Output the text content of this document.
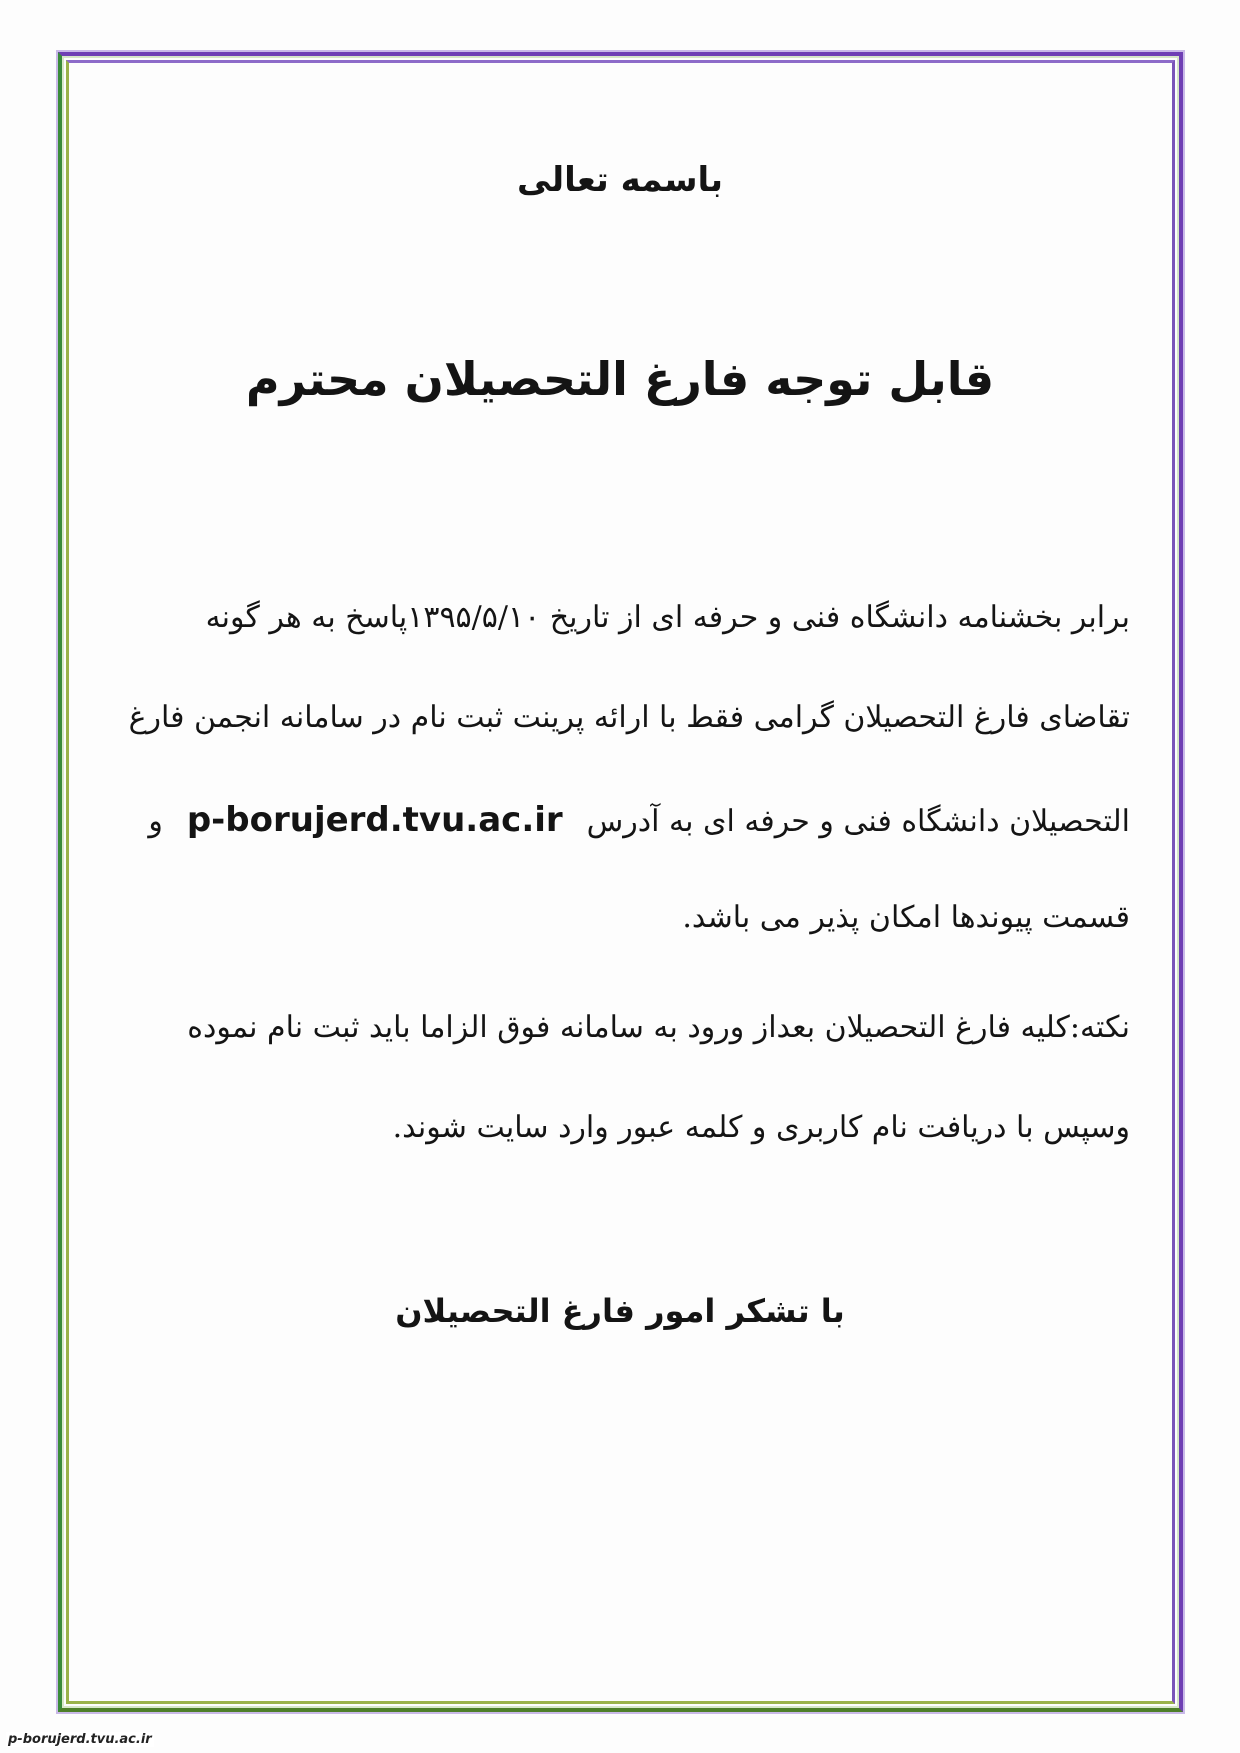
باسمه تعالی
قابل توجه فارغ التحصیلان محترم
برابر بخشنامه دانشگاه فنی و حرفه ای از تاریخ ۱۳۹۵/۵/۱۰پاسخ به هر گونه
تقاضای فارغ التحصیلان گرامی فقط با ارائه پرینت ثبت نام در سامانه انجمن فارغ
التحصیلان دانشگاه فنی و حرفه ای به آدرسp-borujerd.tvu.ac.irو
قسمت پیوندها امکان پذیر می باشد.
نکته:کلیه فارغ التحصیلان بعداز ورود به سامانه فوق الزاما باید ثبت نام نموده
وسپس با دریافت نام کاربری و کلمه عبور وارد سایت شوند.
با تشکر امور فارغ التحصیلان
p-borujerd.tvu.ac.ir
